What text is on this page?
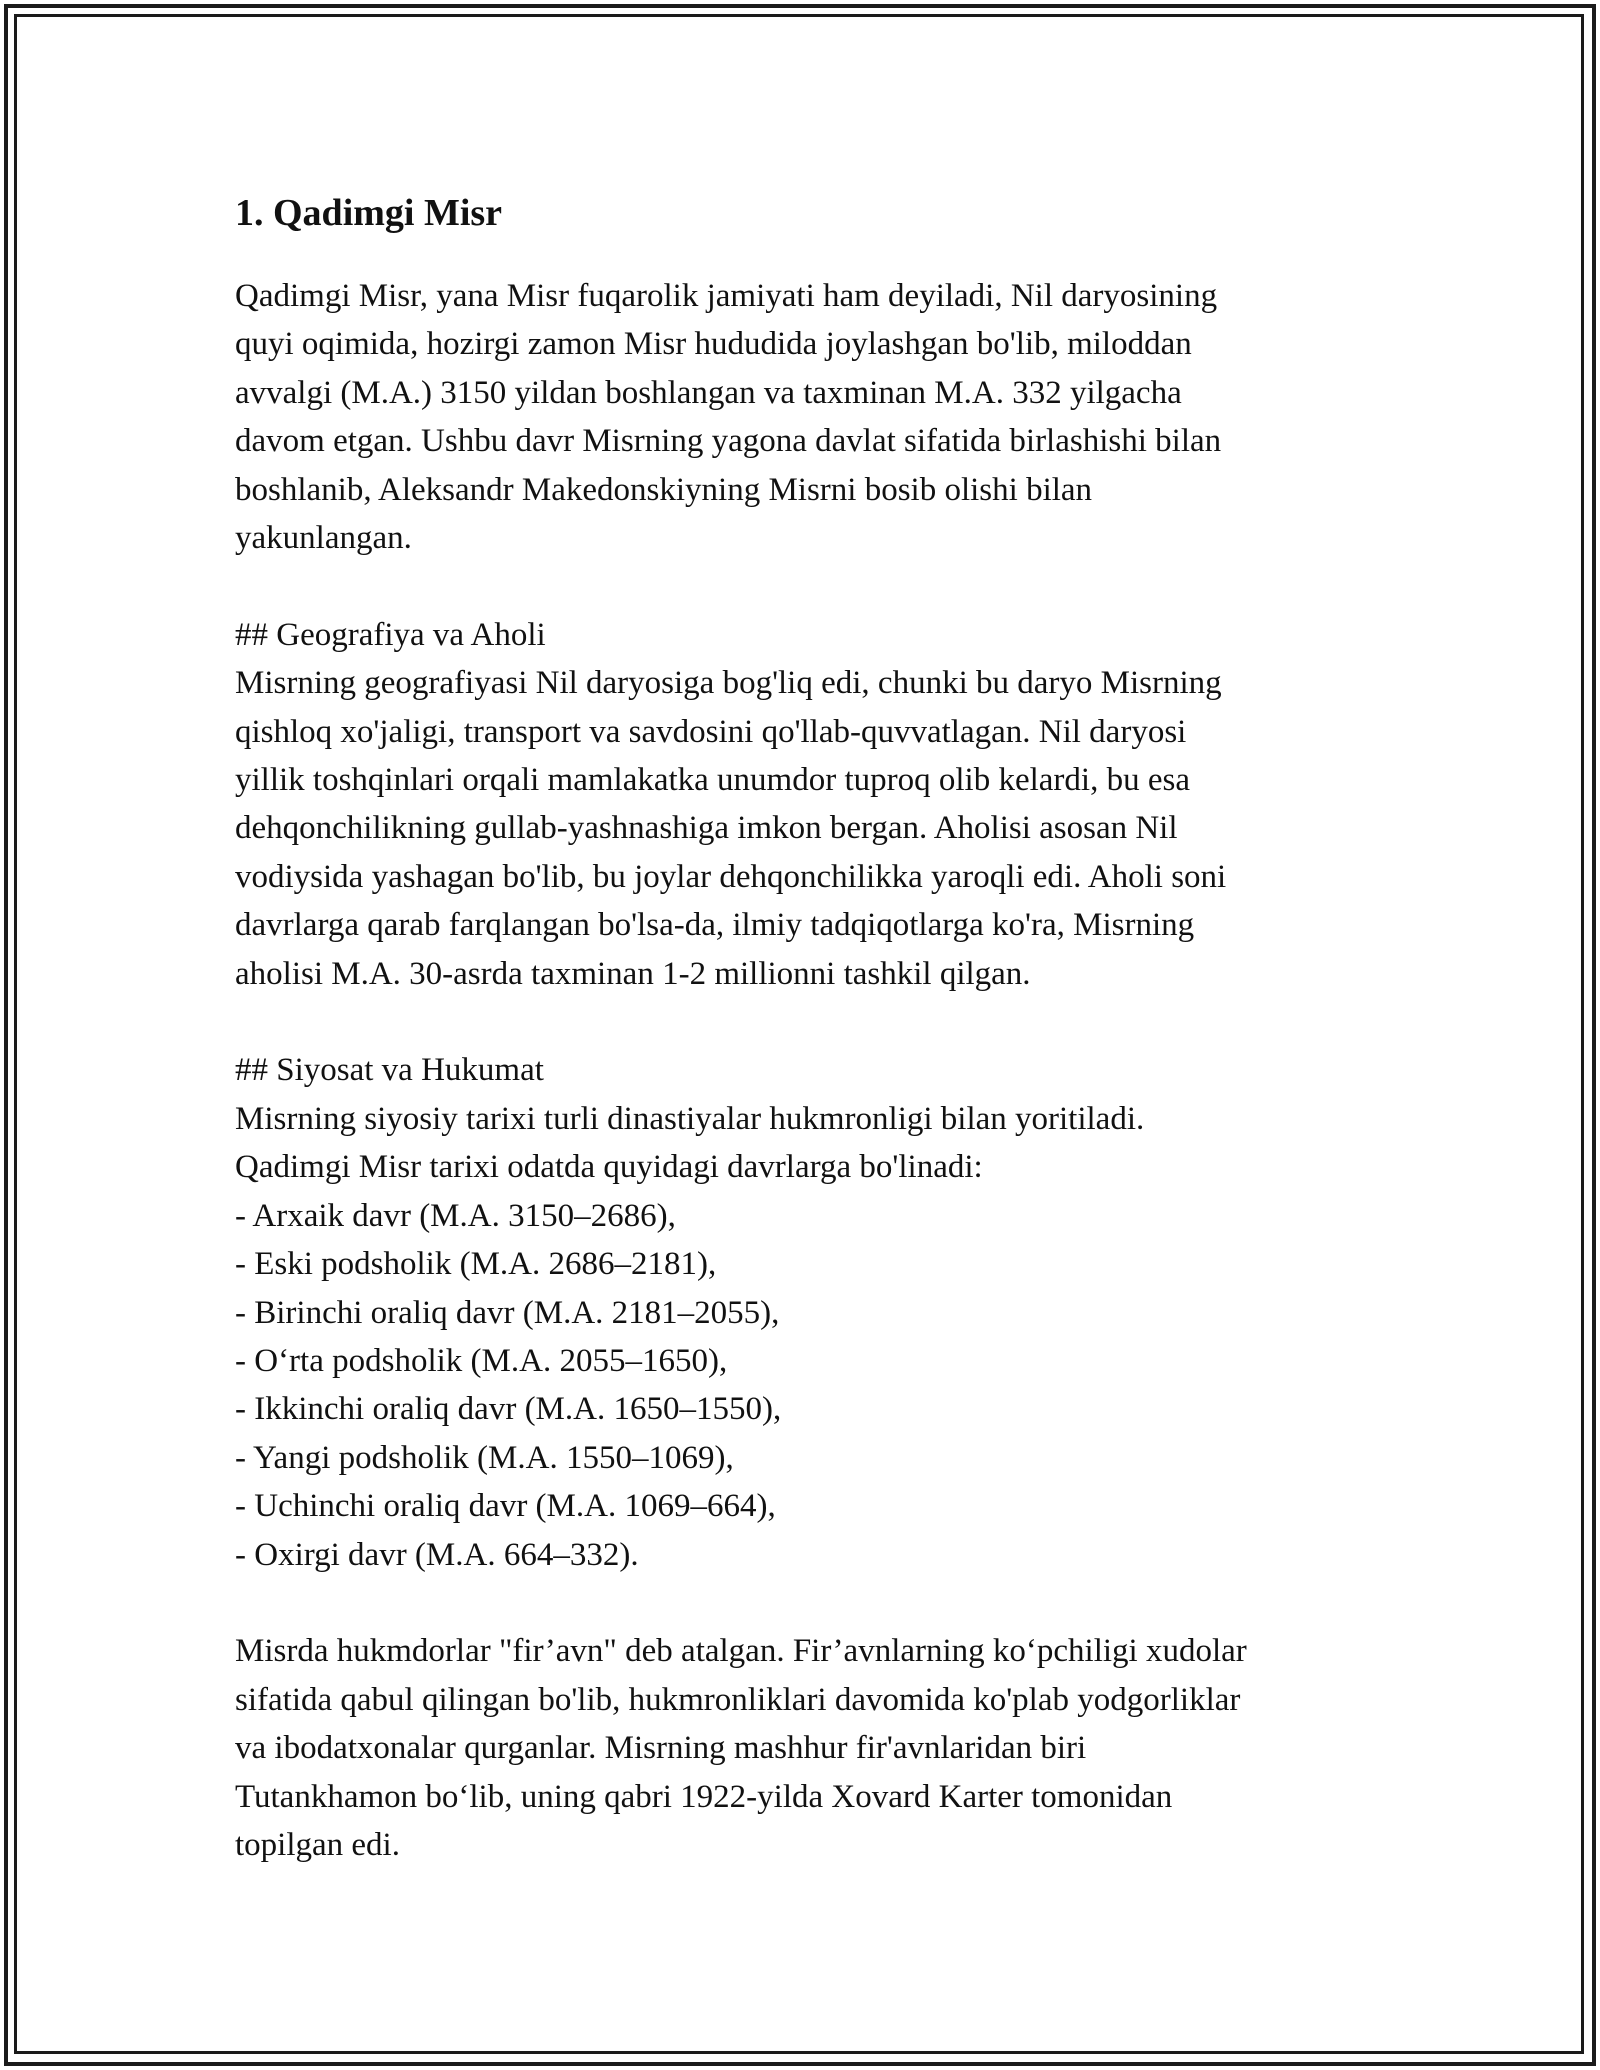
1. Qadimgi Misr
Qadimgi Misr, yana Misr fuqarolik jamiyati ham deyiladi, Nil daryosining
quyi oqimida, hozirgi zamon Misr hududida joylashgan bo'lib, miloddan
avvalgi (M.A.) 3150 yildan boshlangan va taxminan M.A. 332 yilgacha
davom etgan. Ushbu davr Misrning yagona davlat sifatida birlashishi bilan
boshlanib, Aleksandr Makedonskiyning Misrni bosib olishi bilan
yakunlangan.
## Geografiya va Aholi
Misrning geografiyasi Nil daryosiga bog'liq edi, chunki bu daryo Misrning
qishloq xo'jaligi, transport va savdosini qo'llab-quvvatlagan. Nil daryosi
yillik toshqinlari orqali mamlakatka unumdor tuproq olib kelardi, bu esa
dehqonchilikning gullab-yashnashiga imkon bergan. Aholisi asosan Nil
vodiysida yashagan bo'lib, bu joylar dehqonchilikka yaroqli edi. Aholi soni
davrlarga qarab farqlangan bo'lsa-da, ilmiy tadqiqotlarga ko'ra, Misrning
aholisi M.A. 30-asrda taxminan 1-2 millionni tashkil qilgan.
## Siyosat va Hukumat
Misrning siyosiy tarixi turli dinastiyalar hukmronligi bilan yoritiladi.
Qadimgi Misr tarixi odatda quyidagi davrlarga bo'linadi:
- Arxaik davr (M.A. 3150–2686),
- Eski podsholik (M.A. 2686–2181),
- Birinchi oraliq davr (M.A. 2181–2055),
- O‘rta podsholik (M.A. 2055–1650),
- Ikkinchi oraliq davr (M.A. 1650–1550),
- Yangi podsholik (M.A. 1550–1069),
- Uchinchi oraliq davr (M.A. 1069–664),
- Oxirgi davr (M.A. 664–332).
Misrda hukmdorlar "fir’avn" deb atalgan. Fir’avnlarning ko‘pchiligi xudolar
sifatida qabul qilingan bo'lib, hukmronliklari davomida ko'plab yodgorliklar
va ibodatxonalar qurganlar. Misrning mashhur fir'avnlaridan biri
Tutankhamon bo‘lib, uning qabri 1922-yilda Xovard Karter tomonidan
topilgan edi.
